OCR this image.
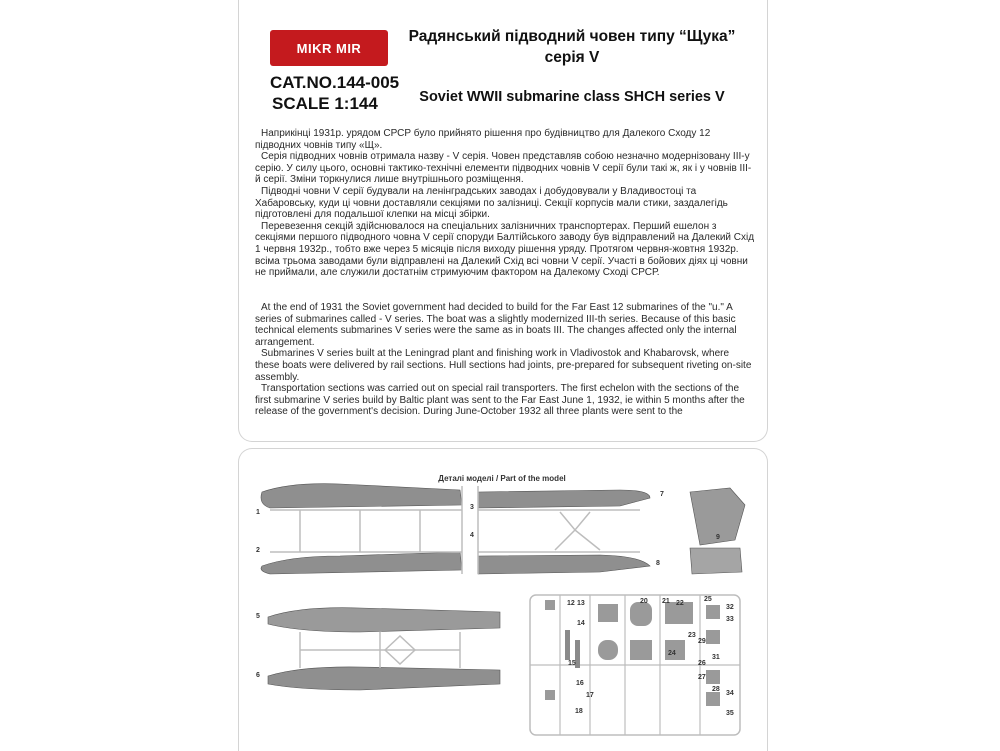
MIKR MIR
CAT.NO.144-005
SCALE 1:144
Радянський підводний човен типу “Щука”
серія V
Soviet WWII submarine class SHCH series V

Наприкінці 1931р. урядом СРСР було прийнято рішення про будівництво для Далекого Сходу 12 підводних човнів типу «Щ».

Серія підводних човнів отримала назву - V серія. Човен представляв собою незначно модернізовану III-у серію. У силу цього, основні тактико-технічні елементи підводних човнів V серії були такі ж, як і у човнів III-й серії. Зміни торкнулися лише внутрішнього розміщення.

Підводні човни V серії будували на ленінградських заводах і добудовували у Владивостоці та Хабаровську, куди ці човни доставляли секціями по залізниці. Секції корпусів мали стики, заздалегідь підготовлені для подальшої клепки на місці збірки.

Перевезення секцій здійснювалося на спеціальних залізничних транспортерах. Перший ешелон з секціями першого підводного човна V серії споруди Балтійського заводу був відправлений на Далекий Схід 1 червня 1932р., тобто вже через 5 місяців після виходу рішення уряду. Протягом червня-жовтня 1932р. всіма трьома заводами були відправлені на Далекий Схід всі човни V серії. Участі в бойових діях ці човни не приймали, але служили достатнім стримуючим фактором на Далекому Сході СРСР.

At the end of 1931 the Soviet government had decided to build for the Far East 12 submarines of the "u." A series of submarines called - V series. The boat was a slightly modernized III-th series. Because of this basic technical elements submarines V series were the same as in boats III. The changes affected only the internal arrangement.

Submarines V series built at the Leningrad plant and finishing work in Vladivostok and Khabarovsk, where these boats were delivered by rail sections. Hull sections had joints, pre-prepared for subsequent riveting on-site assembly.

Transportation sections was carried out on special rail transporters. The first echelon with the sections of the first submarine V series build by Baltic plant was sent to the Far East June 1, 1932, ie within 5 months after the release of the government's decision. During June-October 1932 all three plants were sent to the

Деталі моделі / Part of the model
1
2
3
4
5
6
7
8
9
12 13
14
15
16
17
18
20 21 22
23
24
25
26
27
28
29
31
32
33
34
35
